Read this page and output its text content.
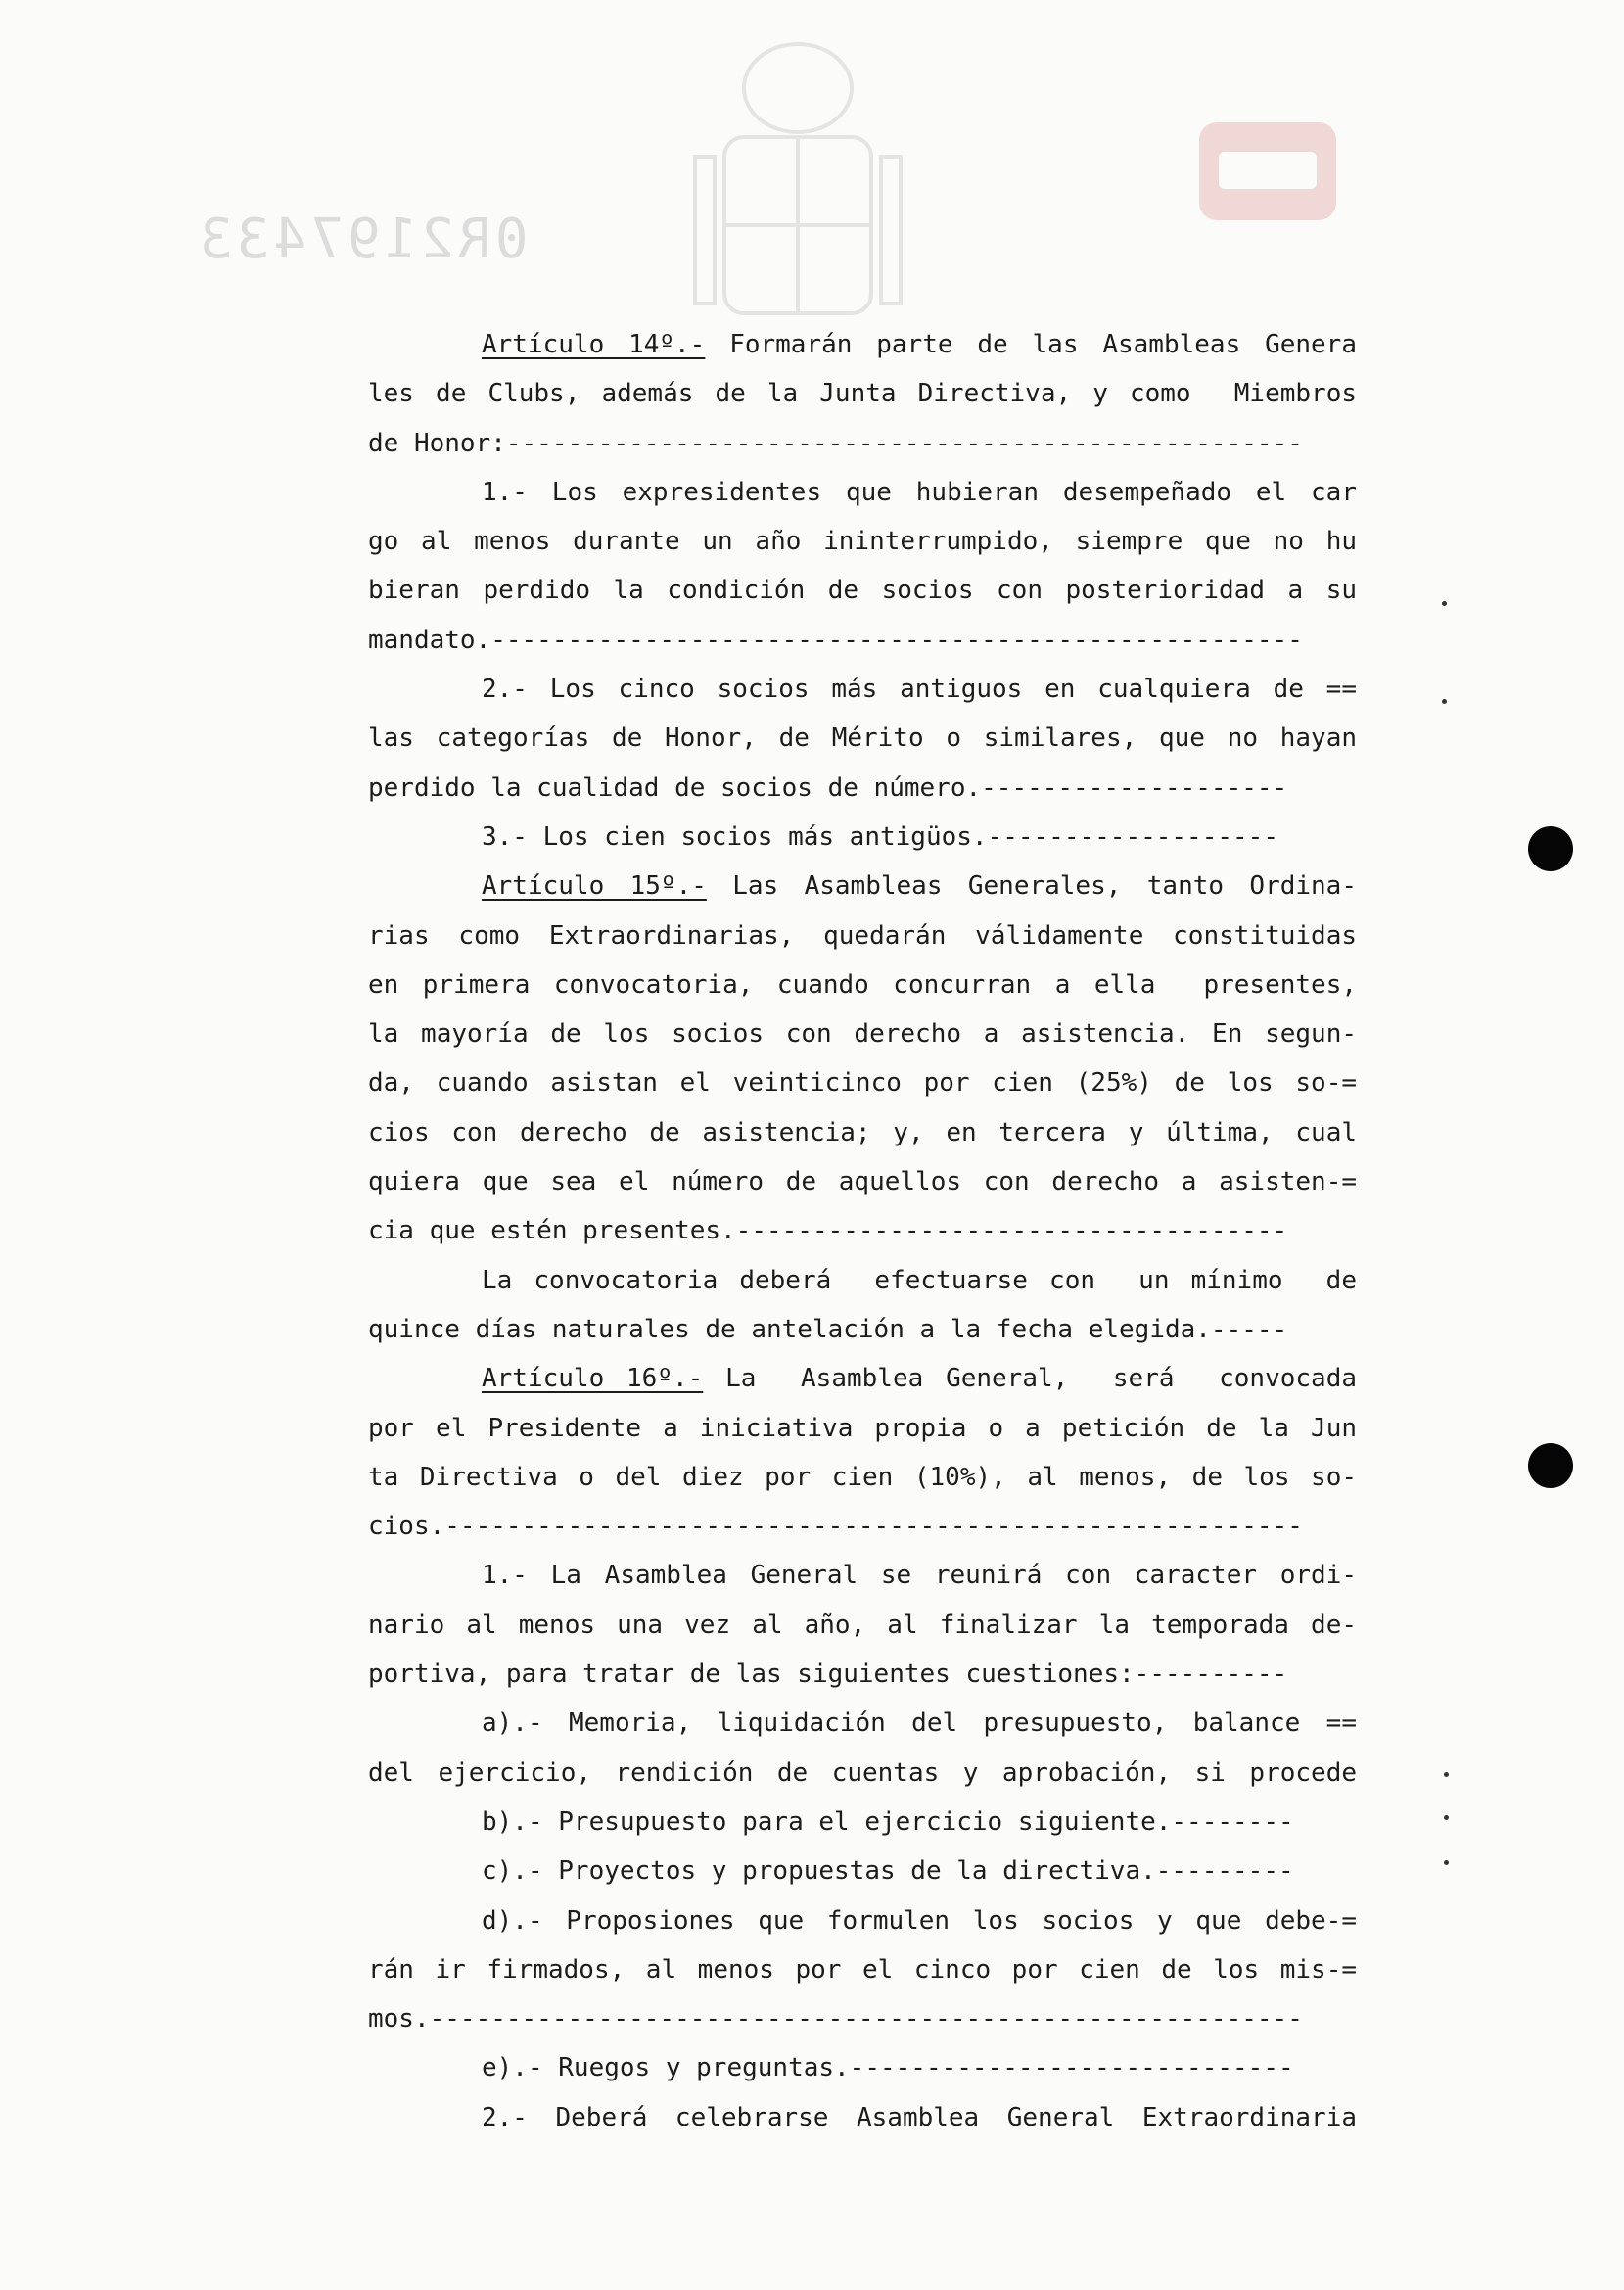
0R2197433
Artículo 14º.- Formarán parte de las Asambleas Genera
les de Clubs, además de la Junta Directiva, y como  Miembros
de Honor:----------------------------------------------------
1.- Los expresidentes que hubieran desempeñado el car
go al menos durante un año ininterrumpido, siempre que no hu
bieran perdido la condición de socios con posterioridad a su
mandato.-----------------------------------------------------
2.- Los cinco socios más antiguos en cualquiera de ==
las categorías de Honor, de Mérito o similares, que no hayan
perdido la cualidad de socios de número.--------------------
3.- Los cien socios más antigüos.-------------------
Artículo 15º.- Las Asambleas Generales, tanto Ordina-
rias como Extraordinarias, quedarán válidamente constituidas
en primera convocatoria, cuando concurran a ella  presentes,
la mayoría de los socios con derecho a asistencia. En segun-
da, cuando asistan el veinticinco por cien (25%) de los so-=
cios con derecho de asistencia; y, en tercera y última, cual
quiera que sea el número de aquellos con derecho a asisten-=
cia que estén presentes.------------------------------------
La convocatoria deberá  efectuarse con  un mínimo  de
quince días naturales de antelación a la fecha elegida.-----
Artículo 16º.- La  Asamblea General,  será  convocada
por el Presidente a iniciativa propia o a petición de la Jun
ta Directiva o del diez por cien (10%), al menos, de los so-
cios.--------------------------------------------------------
1.- La Asamblea General se reunirá con caracter ordi-
nario al menos una vez al año, al finalizar la temporada de-
portiva, para tratar de las siguientes cuestiones:----------
a).- Memoria, liquidación del presupuesto, balance ==
del ejercicio, rendición de cuentas y aprobación, si procede
b).- Presupuesto para el ejercicio siguiente.--------
c).- Proyectos y propuestas de la directiva.---------
d).- Proposiones que formulen los socios y que debe-=
rán ir firmados, al menos por el cinco por cien de los mis-=
mos.---------------------------------------------------------
e).- Ruegos y preguntas.-----------------------------
2.- Deberá celebrarse Asamblea General Extraordinaria
